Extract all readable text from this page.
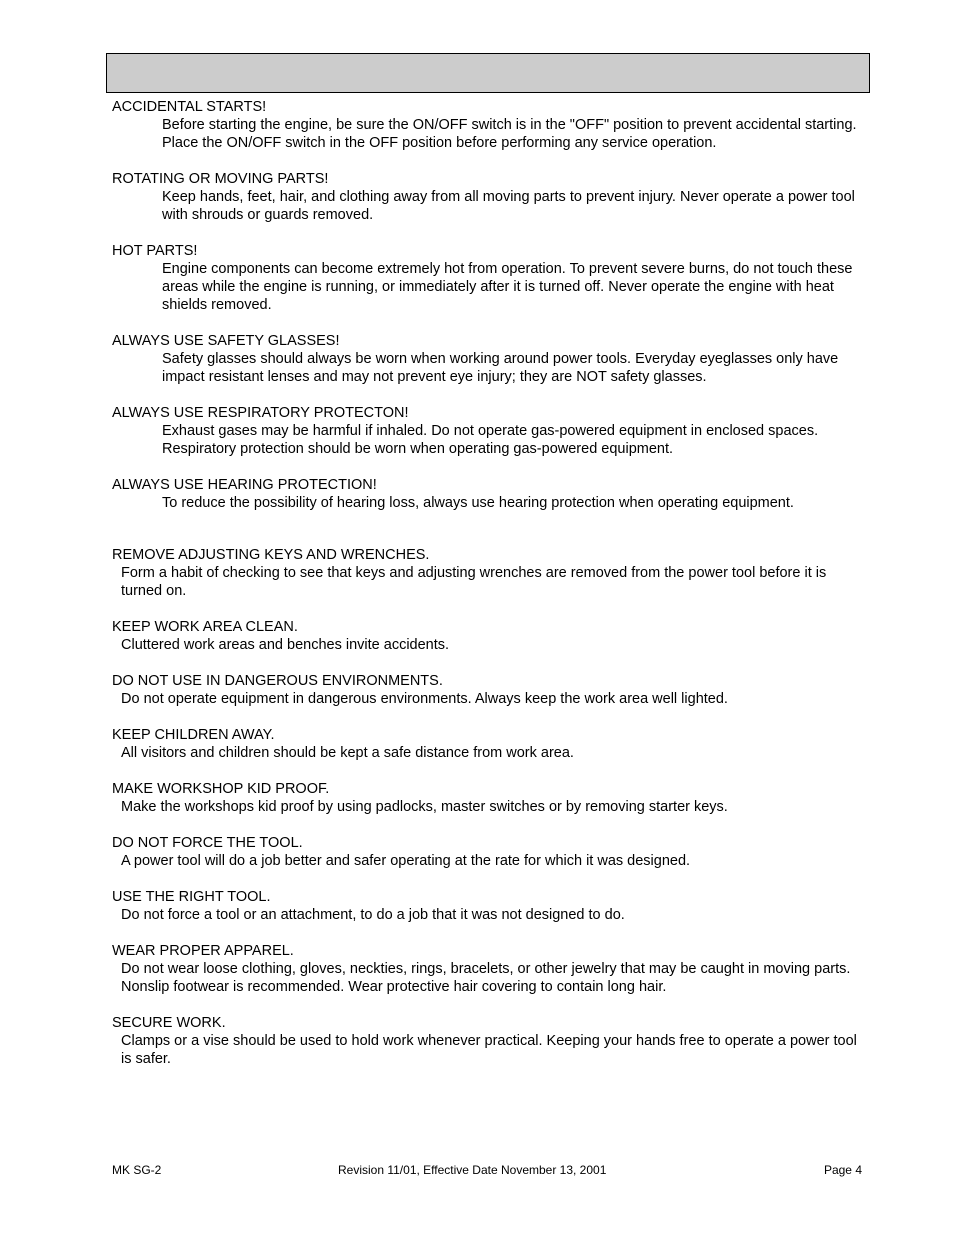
ACCIDENTAL STARTS!
Before starting the engine, be sure the ON/OFF switch is in the "OFF" position to prevent accidental starting. Place the ON/OFF switch in the OFF position before performing any service operation.
ROTATING OR MOVING PARTS!
Keep hands, feet, hair, and clothing away from all moving parts to prevent injury. Never operate a power tool with shrouds or guards removed.
HOT PARTS!
Engine components can become extremely hot from operation. To prevent severe burns, do not touch these areas while the engine is running, or immediately after it is turned off. Never operate the engine with heat shields removed.
ALWAYS USE SAFETY GLASSES!
Safety glasses should always be worn when working around power tools. Everyday eyeglasses only have impact resistant lenses and may not prevent eye injury; they are NOT safety glasses.
ALWAYS USE RESPIRATORY PROTECTON!
Exhaust gases may be harmful if inhaled. Do not operate gas-powered equipment in enclosed spaces. Respiratory protection should be worn when operating gas-powered equipment.
ALWAYS USE HEARING PROTECTION!
To reduce the possibility of hearing loss, always use hearing protection when operating equipment.
REMOVE ADJUSTING KEYS AND WRENCHES.
Form a habit of checking to see that keys and adjusting wrenches are removed from the power tool before it is turned on.
KEEP WORK AREA CLEAN.
Cluttered work areas and benches invite accidents.
DO NOT USE IN DANGEROUS ENVIRONMENTS.
Do not operate equipment in dangerous environments. Always keep the work area well lighted.
KEEP CHILDREN AWAY.
All visitors and children should be kept a safe distance from work area.
MAKE WORKSHOP KID PROOF.
Make the workshops kid proof by using padlocks, master switches or by removing starter keys.
DO NOT FORCE THE TOOL.
A power tool will do a job better and safer operating at the rate for which it was designed.
USE THE RIGHT TOOL.
Do not force a tool or an attachment, to do a job that it was not designed to do.
WEAR PROPER APPAREL.
Do not wear loose clothing, gloves, neckties, rings, bracelets, or other jewelry that may be caught in moving parts. Nonslip footwear is recommended. Wear protective hair covering to contain long hair.
SECURE WORK.
Clamps or a vise should be used to hold work whenever practical. Keeping your hands free to operate a power tool is safer.
MK SG-2	Revision 11/01, Effective Date November 13, 2001	Page 4
